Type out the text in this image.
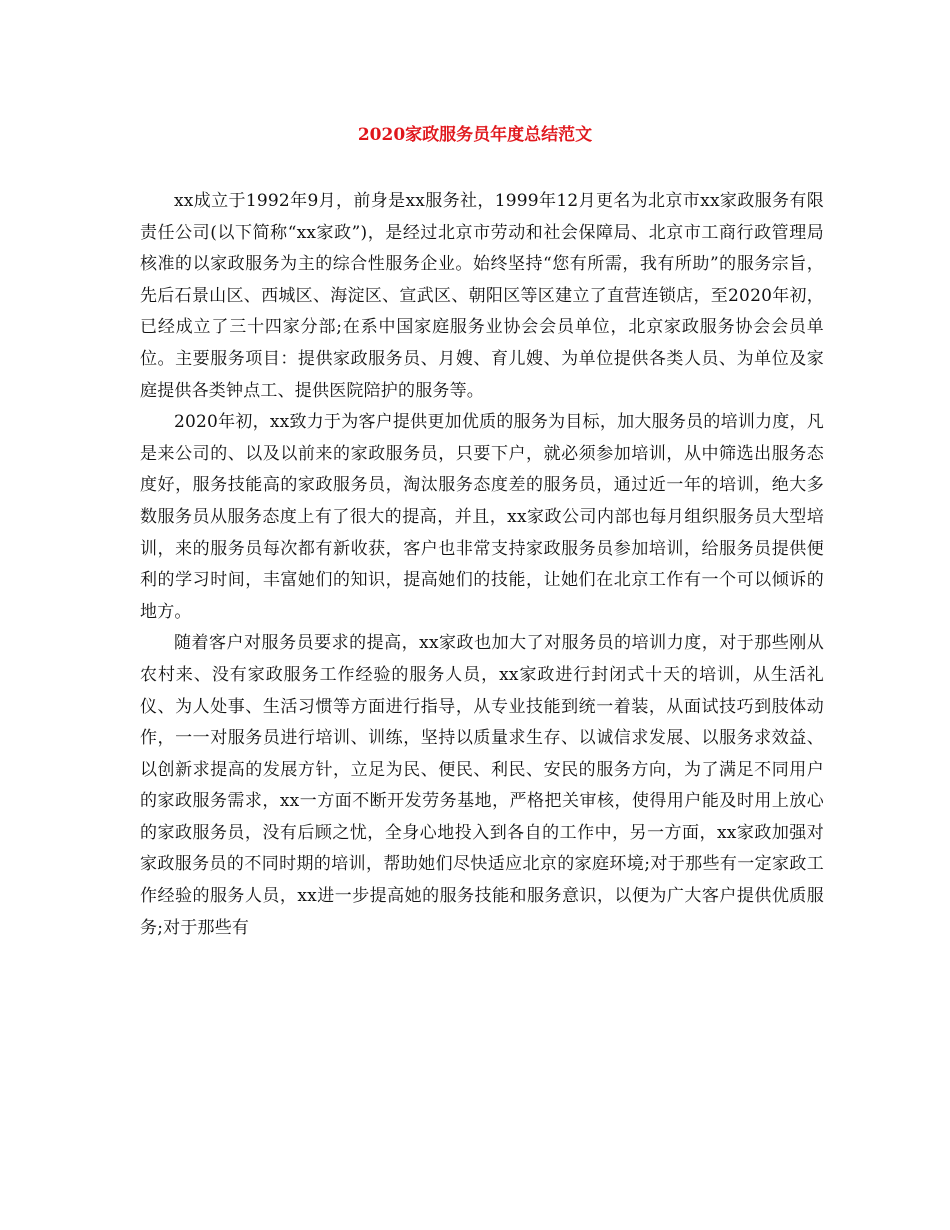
2020家政服务员年度总结范文

xx成立于1992年9月，前身是xx服务社，1999年12月更名为北京市xx家政服务有限责任公司(以下简称“xx家政”)，是经过北京市劳动和社会保障局、北京市工商行政管理局核准的以家政服务为主的综合性服务企业。始终坚持“您有所需，我有所助”的服务宗旨，先后石景山区、西城区、海淀区、宣武区、朝阳区等区建立了直营连锁店，至2020年初，已经成立了三十四家分部;在系中国家庭服务业协会会员单位，北京家政服务协会会员单位。主要服务项目：提供家政服务员、月嫂、育儿嫂、为单位提供各类人员、为单位及家庭提供各类钟点工、提供医院陪护的服务等。

2020年初，xx致力于为客户提供更加优质的服务为目标，加大服务员的培训力度，凡是来公司的、以及以前来的家政服务员，只要下户，就必须参加培训，从中筛选出服务态度好，服务技能高的家政服务员，淘汰服务态度差的服务员，通过近一年的培训，绝大多数服务员从服务态度上有了很大的提高，并且，xx家政公司内部也每月组织服务员大型培训，来的服务员每次都有新收获，客户也非常支持家政服务员参加培训，给服务员提供便利的学习时间，丰富她们的知识，提高她们的技能，让她们在北京工作有一个可以倾诉的地方。

随着客户对服务员要求的提高，xx家政也加大了对服务员的培训力度，对于那些刚从农村来、没有家政服务工作经验的服务人员，xx家政进行封闭式十天的培训，从生活礼仪、为人处事、生活习惯等方面进行指导，从专业技能到统一着装，从面试技巧到肢体动作，一一对服务员进行培训、训练，坚持以质量求生存、以诚信求发展、以服务求效益、以创新求提高的发展方针，立足为民、便民、利民、安民的服务方向，为了满足不同用户的家政服务需求，xx一方面不断开发劳务基地，严格把关审核，使得用户能及时用上放心的家政服务员，没有后顾之忧，全身心地投入到各自的工作中，另一方面，xx家政加强对家政服务员的不同时期的培训，帮助她们尽快适应北京的家庭环境;对于那些有一定家政工作经验的服务人员，xx进一步提高她的服务技能和服务意识，以便为广大客户提供优质服务;对于那些有
